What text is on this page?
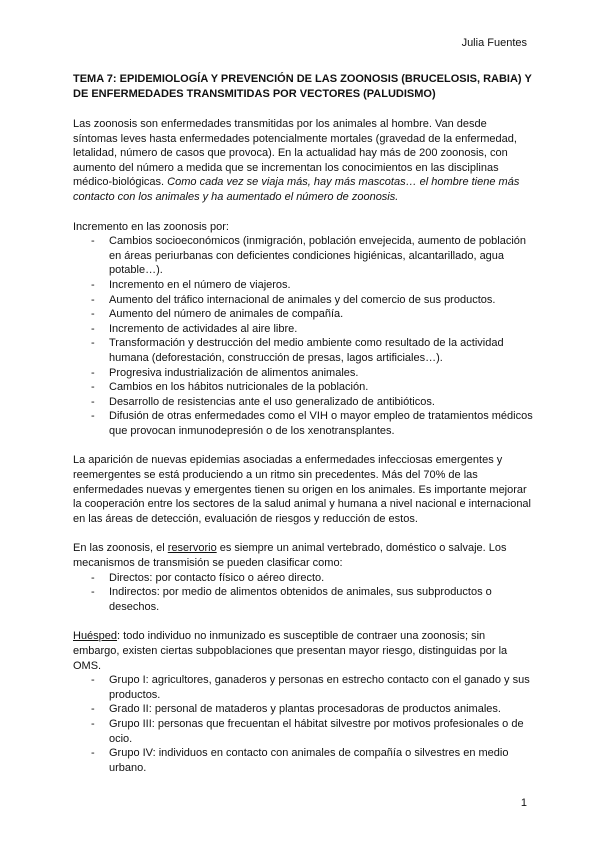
Julia Fuentes
TEMA 7: EPIDEMIOLOGÍA Y PREVENCIÓN DE LAS ZOONOSIS (BRUCELOSIS, RABIA) Y DE ENFERMEDADES TRANSMITIDAS POR VECTORES (PALUDISMO)

Las zoonosis son enfermedades transmitidas por los animales al hombre. Van desde síntomas leves hasta enfermedades potencialmente mortales (gravedad de la enfermedad, letalidad, número de casos que provoca). En la actualidad hay más de 200 zoonosis, con aumento del número a medida que se incrementan los conocimientos en las disciplinas médico-biológicas. Como cada vez se viaja más, hay más mascotas… el hombre tiene más contacto con los animales y ha aumentado el número de zoonosis.

Incremento en las zoonosis por:

- Cambios socioeconómicos (inmigración, población envejecida, aumento de población en áreas periurbanas con deficientes condiciones higiénicas, alcantarillado, agua potable…).
- Incremento en el número de viajeros.
- Aumento del tráfico internacional de animales y del comercio de sus productos.
- Aumento del número de animales de compañía.
- Incremento de actividades al aire libre.
- Transformación y destrucción del medio ambiente como resultado de la actividad humana (deforestación, construcción de presas, lagos artificiales…).
- Progresiva industrialización de alimentos animales.
- Cambios en los hábitos nutricionales de la población.
- Desarrollo de resistencias ante el uso generalizado de antibióticos.
- Difusión de otras enfermedades como el VIH o mayor empleo de tratamientos médicos que provocan inmunodepresión o de los xenotransplantes.

La aparición de nuevas epidemias asociadas a enfermedades infecciosas emergentes y reemergentes se está produciendo a un ritmo sin precedentes. Más del 70% de las enfermedades nuevas y emergentes tienen su origen en los animales. Es importante mejorar la cooperación entre los sectores de la salud animal y humana a nivel nacional e internacional en las áreas de detección, evaluación de riesgos y reducción de estos.

En las zoonosis, el reservorio es siempre un animal vertebrado, doméstico o salvaje. Los mecanismos de transmisión se pueden clasificar como:

- Directos: por contacto físico o aéreo directo.
- Indirectos: por medio de alimentos obtenidos de animales, sus subproductos o desechos.

Huésped: todo individuo no inmunizado es susceptible de contraer una zoonosis; sin embargo, existen ciertas subpoblaciones que presentan mayor riesgo, distinguidas por la OMS.

- Grupo I: agricultores, ganaderos y personas en estrecho contacto con el ganado y sus productos.
- Grado II: personal de mataderos y plantas procesadoras de productos animales.
- Grupo III: personas que frecuentan el hábitat silvestre por motivos profesionales o de ocio.
- Grupo IV: individuos en contacto con animales de compañía o silvestres en medio urbano.
1
